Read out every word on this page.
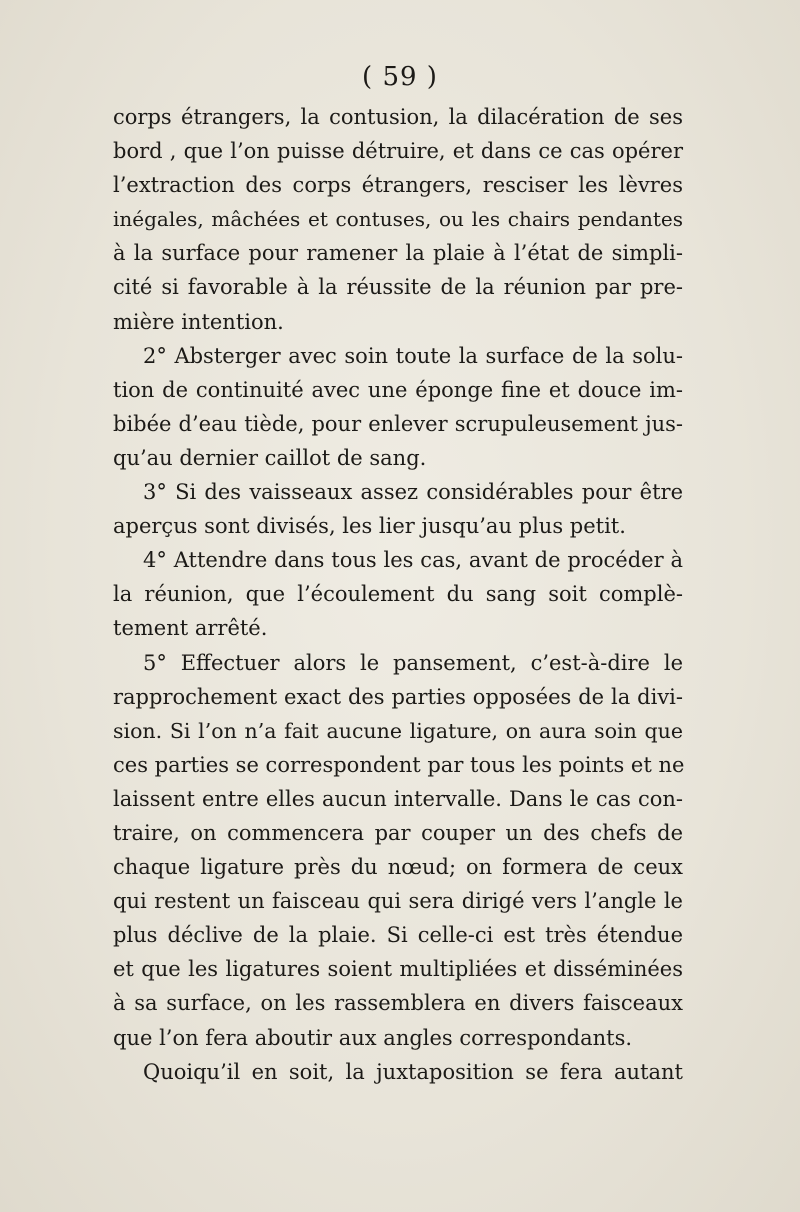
( 59 )
corps étrangers, la contusion, la dilacération de ses
bord , que l’on puisse détruire, et dans ce cas opérer
l’extraction des corps étrangers, resciser les lèvres
inégales, mâchées et contuses, ou les chairs pendantes
à la surface pour ramener la plaie à l’état de simpli-
cité si favorable à la réussite de la réunion par pre-
mière intention.
2° Absterger avec soin toute la surface de la solu-
tion de continuité avec une éponge fine et douce im-
bibée d’eau tiède, pour enlever scrupuleusement jus-
qu’au dernier caillot de sang.
3° Si des vaisseaux assez considérables pour être
aperçus sont divisés, les lier jusqu’au plus petit.
4° Attendre dans tous les cas, avant de procéder à
la réunion, que l’écoulement du sang soit complè-
tement arrêté.
5° Effectuer alors le pansement, c’est-à-dire le
rapprochement exact des parties opposées de la divi-
sion. Si l’on n’a fait aucune ligature, on aura soin que
ces parties se correspondent par tous les points et ne
laissent entre elles aucun intervalle. Dans le cas con-
traire, on commencera par couper un des chefs de
chaque ligature près du nœud; on formera de ceux
qui restent un faisceau qui sera dirigé vers l’angle le
plus déclive de la plaie. Si celle-ci est très étendue
et que les ligatures soient multipliées et disséminées
à sa surface, on les rassemblera en divers faisceaux
que l’on fera aboutir aux angles correspondants.
Quoiqu’il en soit, la juxtaposition se fera autant
